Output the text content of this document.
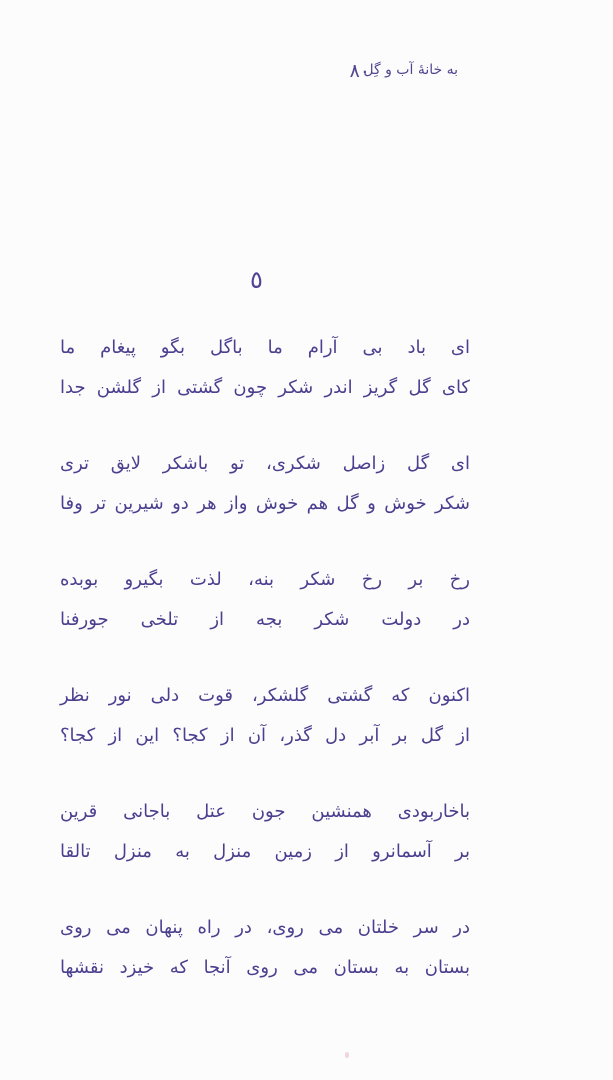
۸۰
به خانهٔ آب و گِل
٥
ای باد بی آرام ما باگل بگو پیغام ما
کای گل گریز اندر شکر چون گشتی از گلشن جدا
ای گل زاصل شکری، تو باشکر لایق تری
شکر خوش و گل هم خوش واز هر دو شیرین تر وفا
رخ بر رخ شکر بنه، لذت بگیرو بوبده
در دولت شکر بجه از تلخی جورفنا
اکنون که گشتی گلشکر، قوت دلی نور نظر
از گل بر آبر دل گذر، آن از کجا؟ این از کجا؟
باخاربودی همنشین جون عتل باجانی قرین
بر آسمانرو از زمین منزل به منزل تالقا
در سر خلتان می روی، در راه پنهان می روی
بستان به بستان می روی آنجا که خیزد نقشها
